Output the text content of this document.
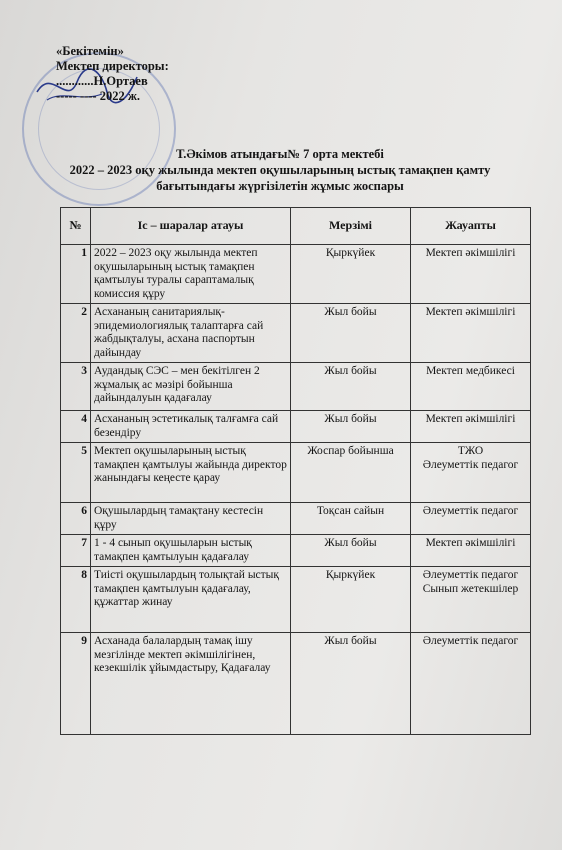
«Бекітемін»
Мектеп директоры:
............Н.Ортаев
----- ---- 2022 ж.
Т.Әкімов атындағы№ 7 орта мектебі
2022 – 2023 оқу жылында мектеп оқушыларының ыстық тамақпен қамту
бағытындағы жүргізілетін жұмыс жоспары
№	Іс – шаралар атауы	Мерзімі	Жауапты
1	2022 – 2023 оқу жылында мектеп оқушыларының ыстық тамақпен қамтылуы туралы сараптамалық комиссия құру	Қыркүйек	Мектеп әкімшілігі

2	Асхананың санитариялық-эпидемиологиялық талаптарға сай жабдықталуы, асхана паспортын дайындау	Жыл бойы	Мектеп әкімшілігі

3	Аудандық СЭС – мен бекітілген 2 жұмалық ас мәзірі бойынша дайындалуын қадағалау	Жыл бойы	Мектеп медбикесі

4	Асхананың эстетикалық талғамға сай безендіру	Жыл бойы	Мектеп әкімшілігі

5	Мектеп оқушыларының ыстық тамақпен қамтылуы жайында директор жанындағы кеңесте қарау	Жоспар бойынша	ТЖО
Әлеуметтік педагог

6	Оқушылардың тамақтану кестесін құру	Тоқсан сайын	Әлеуметтік педагог

7	1 - 4 сынып оқушыларын ыстық тамақпен қамтылуын қадағалау	Жыл бойы	Мектеп әкімшілігі

8	Тиісті оқушылардың толықтай ыстық тамақпен қамтылуын қадағалау, құжаттар жинау	Қыркүйек	Әлеуметтік педагог
Сынып жетекшілер

9	Асханада балалардың тамақ ішу мезгілінде мектеп әкімшілігінен, кезекшілік ұйымдастыру, Қадағалау	Жыл бойы	Әлеуметтік педагог
